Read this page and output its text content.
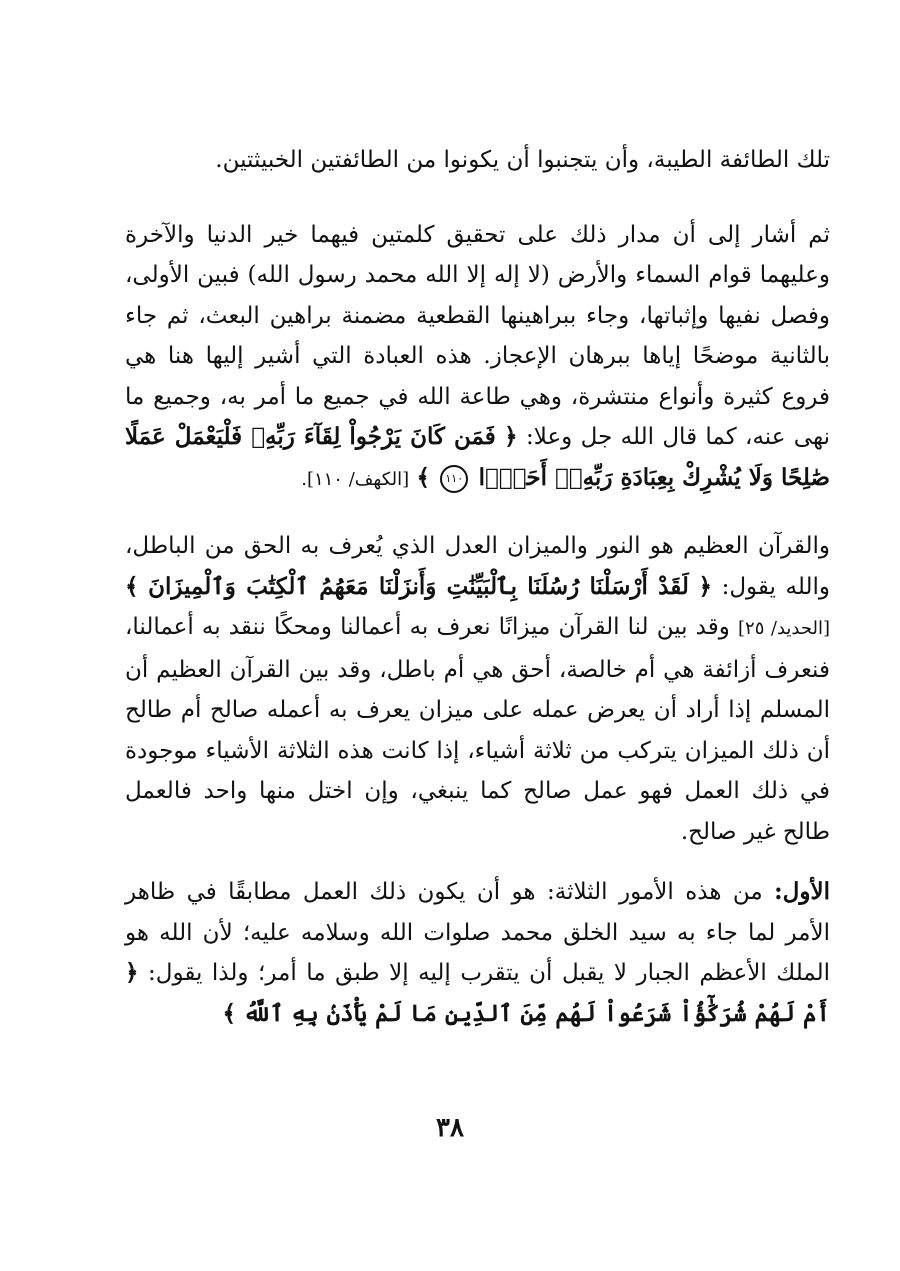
تلك الطائفة الطيبة، وأن يتجنبوا أن يكونوا من الطائفتين الخبيثتين.

ثم أشار إلى أن مدار ذلك على تحقيق كلمتين فيهما خير الدنيا والآخرة وعليهما قوام السماء والأرض (لا إله إلا الله محمد رسول الله) فبين الأولى، وفصل نفيها وإثباتها، وجاء ببراهينها القطعية مضمنة براهين البعث، ثم جاء بالثانية موضحًا إياها ببرهان الإعجاز. هذه العبادة التي أشير إليها هنا هي فروع كثيرة وأنواع منتشرة، وهي طاعة الله في جميع ما أمر به، وجميع ما نهى عنه، كما قال الله جل وعلا: ﴿ فَمَن كَانَ يَرْجُواْ لِقَآءَ رَبِّهِۦ فَلْيَعْمَلْ عَمَلًا صَٰلِحًا وَلَا يُشْرِكْ بِعِبَادَةِ رَبِّهِۦٓ أَحَدَۢا ١١٠ ﴾ [الكهف/ ١١٠].

والقرآن العظيم هو النور والميزان العدل الذي يُعرف به الحق من الباطل، والله يقول: ﴿ لَقَدْ أَرْسَلْنَا رُسُلَنَا بِٱلْبَيِّنَٰتِ وَأَنزَلْنَا مَعَهُمُ ٱلْكِتَٰبَ وَٱلْمِيزَانَ ﴾ [الحديد/ ٢٥] وقد بين لنا القرآن ميزانًا نعرف به أعمالنا ومحكًا ننقد به أعمالنا، فنعرف أزائفة هي أم خالصة، أحق هي أم باطل، وقد بين القرآن العظيم أن المسلم إذا أراد أن يعرض عمله على ميزان يعرف به أعمله صالح أم طالح أن ذلك الميزان يتركب من ثلاثة أشياء، إذا كانت هذه الثلاثة الأشياء موجودة في ذلك العمل فهو عمل صالح كما ينبغي، وإن اختل منها واحد فالعمل طالح غير صالح.

الأول: من هذه الأمور الثلاثة: هو أن يكون ذلك العمل مطابقًا في ظاهر الأمر لما جاء به سيد الخلق محمد صلوات الله وسلامه عليه؛ لأن الله هو الملك الأعظم الجبار لا يقبل أن يتقرب إليه إلا طبق ما أمر؛ ولذا يقول: ﴿ أَمْ لَهُمْ شُرَكَٰٓؤُاْ شَرَعُواْ لَهُم مِّنَ ٱلدِّينِ مَا لَمْ يَأْذَنۢ بِهِ ٱللَّهُ ﴾

٣٨
